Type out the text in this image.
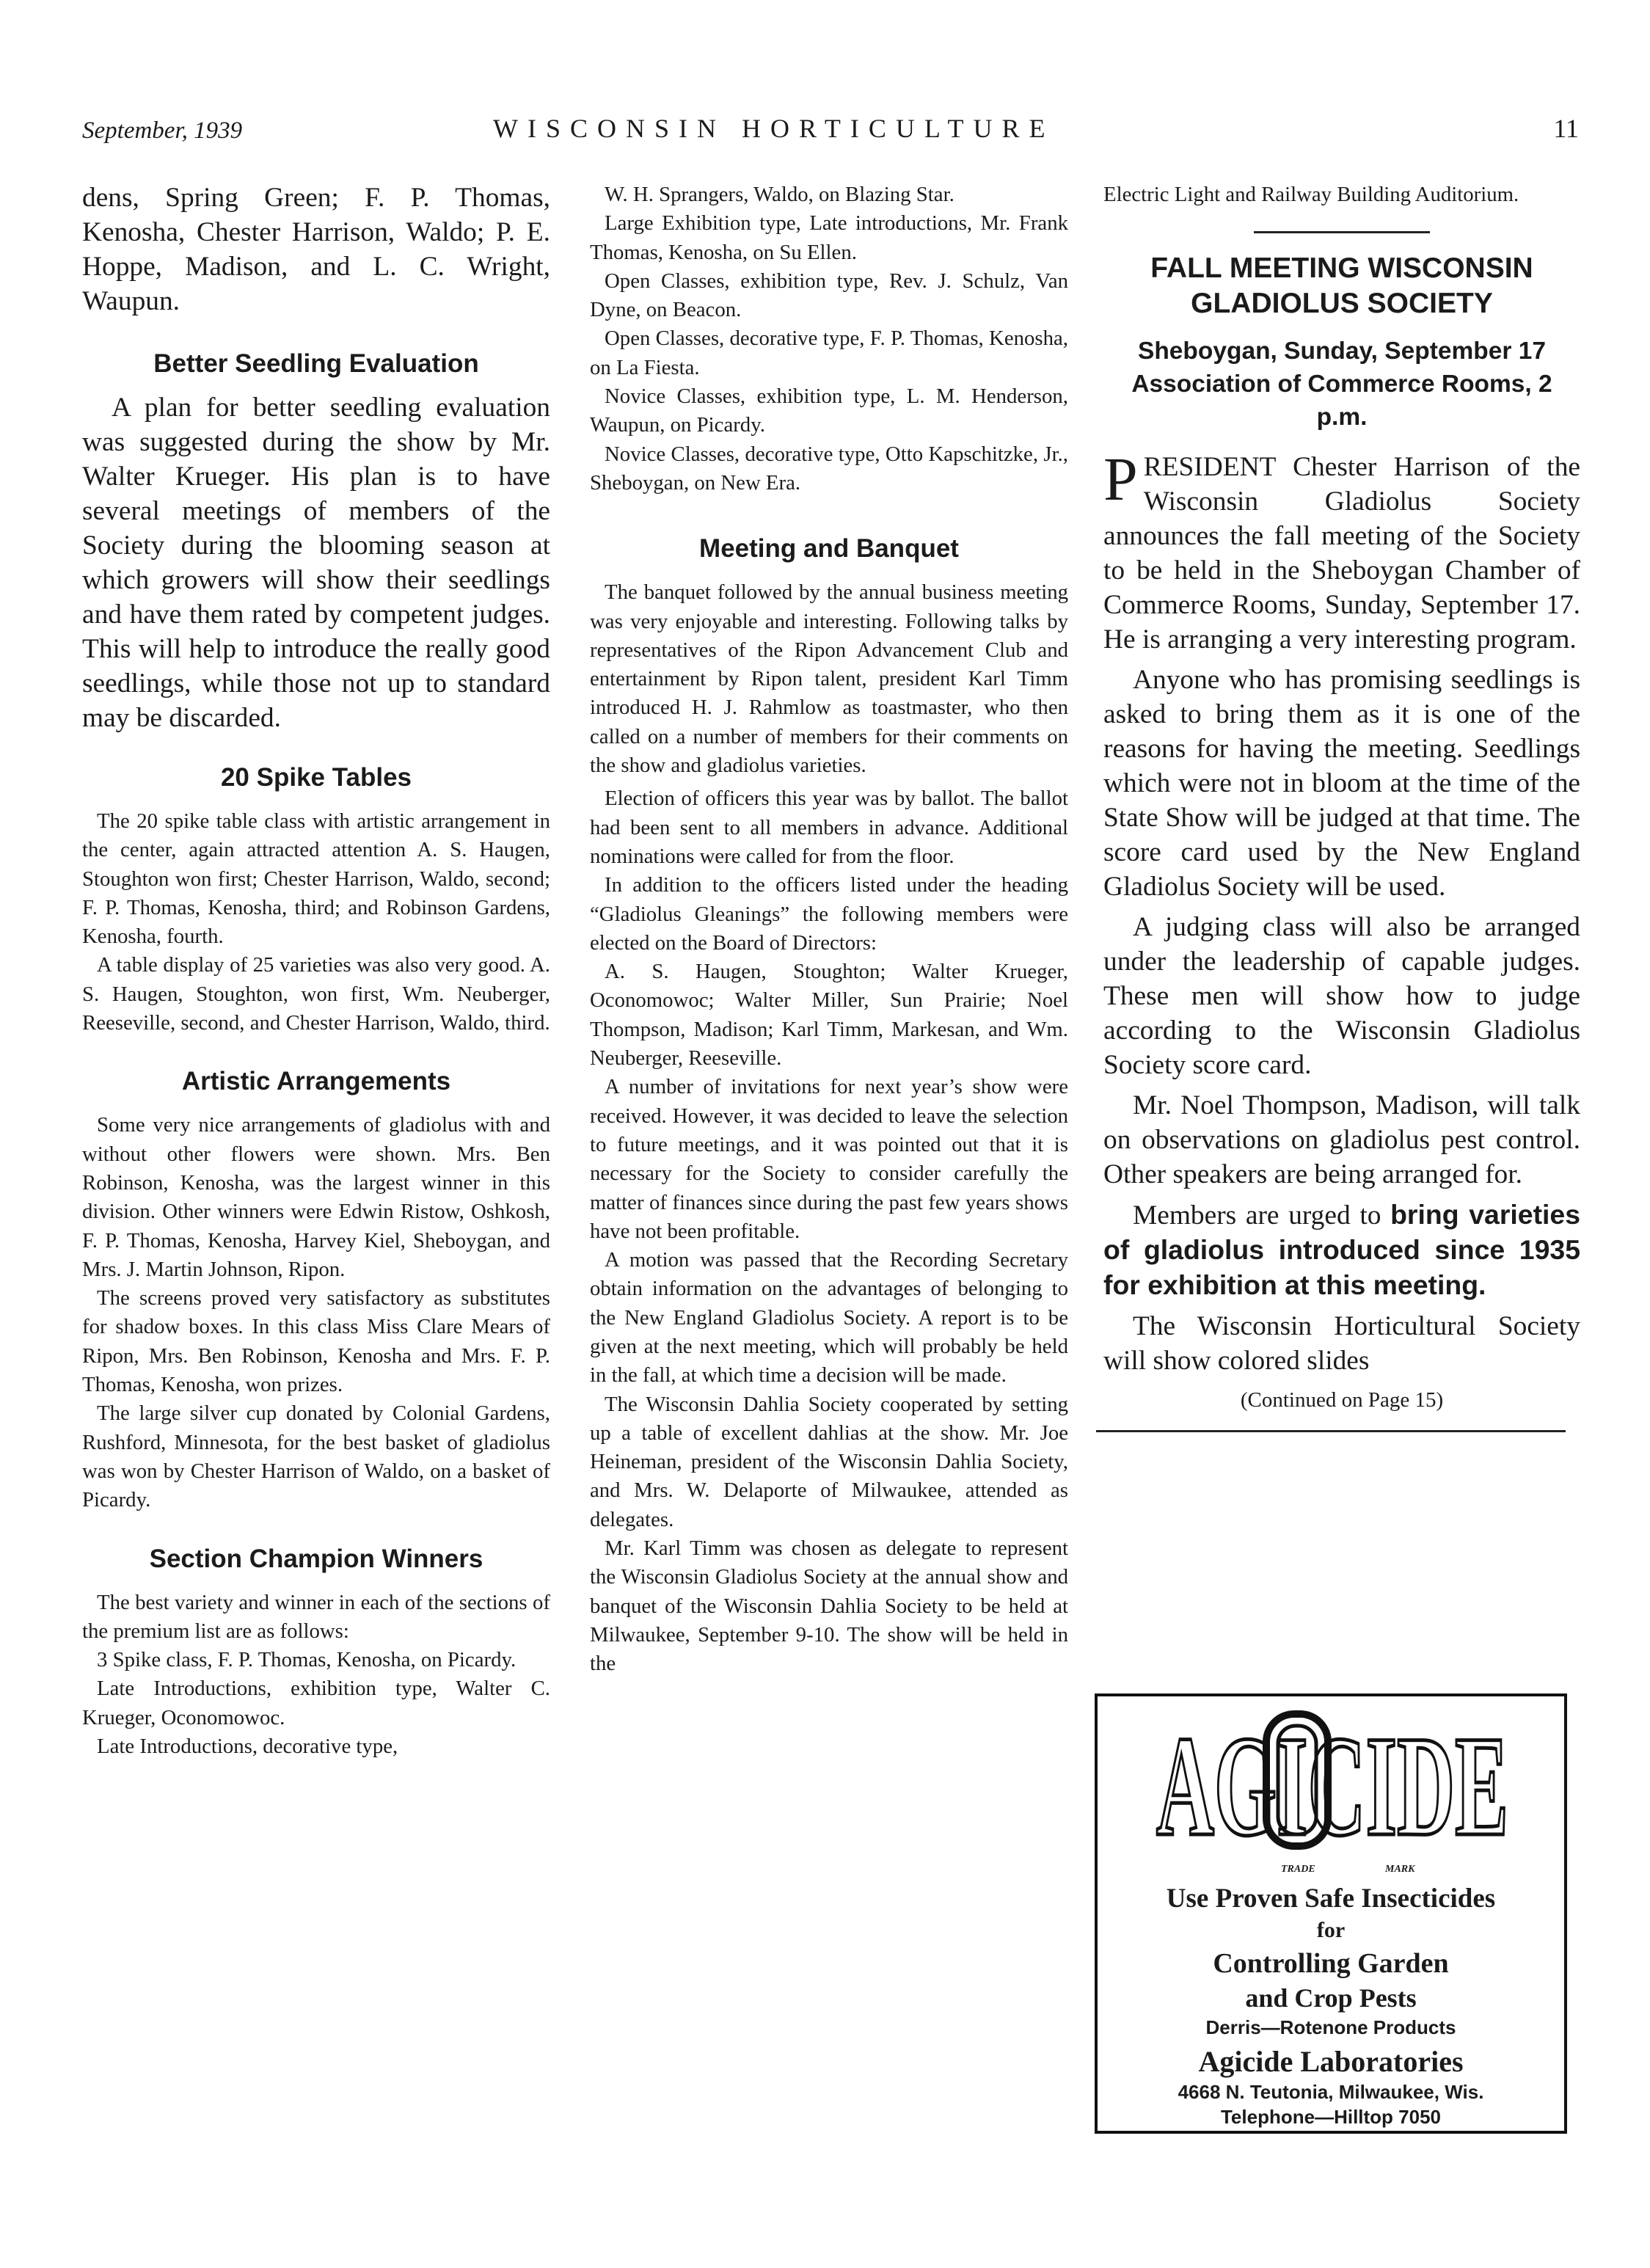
September, 1939	WISCONSIN HORTICULTURE	11

dens, Spring Green; F. P. Thomas, Kenosha, Chester Harrison, Waldo; P. E. Hoppe, Madison, and L. C. Wright, Waupun.

Better Seedling Evaluation

A plan for better seedling evaluation was suggested during the show by Mr. Walter Krueger. His plan is to have several meetings of members of the Society during the blooming season at which growers will show their seedlings and have them rated by competent judges. This will help to introduce the really good seedlings, while those not up to standard may be discarded.

20 Spike Tables

The 20 spike table class with artistic arrangement in the center, again attracted attention A. S. Haugen, Stoughton won first; Chester Harrison, Waldo, second; F. P. Thomas, Kenosha, third; and Robinson Gardens, Kenosha, fourth.

A table display of 25 varieties was also very good. A. S. Haugen, Stoughton, won first, Wm. Neuberger, Reeseville, second, and Chester Harrison, Waldo, third.

Artistic Arrangements

Some very nice arrangements of gladiolus with and without other flowers were shown. Mrs. Ben Robinson, Kenosha, was the largest winner in this division. Other winners were Edwin Ristow, Oshkosh, F. P. Thomas, Kenosha, Harvey Kiel, Sheboygan, and Mrs. J. Martin Johnson, Ripon.

The screens proved very satisfactory as substitutes for shadow boxes. In this class Miss Clare Mears of Ripon, Mrs. Ben Robinson, Kenosha and Mrs. F. P. Thomas, Kenosha, won prizes.

The large silver cup donated by Colonial Gardens, Rushford, Minnesota, for the best basket of gladiolus was won by Chester Harrison of Waldo, on a basket of Picardy.

Section Champion Winners

The best variety and winner in each of the sections of the premium list are as follows:

3 Spike class, F. P. Thomas, Kenosha, on Picardy.

Late Introductions, exhibition type, Walter C. Krueger, Oconomowoc.

Late Introductions, decorative type,

W. H. Sprangers, Waldo, on Blazing Star.

Large Exhibition type, Late introductions, Mr. Frank Thomas, Kenosha, on Su Ellen.

Open Classes, exhibition type, Rev. J. Schulz, Van Dyne, on Beacon.

Open Classes, decorative type, F. P. Thomas, Kenosha, on La Fiesta.

Novice Classes, exhibition type, L. M. Henderson, Waupun, on Picardy.

Novice Classes, decorative type, Otto Kapschitzke, Jr., Sheboygan, on New Era.

Meeting and Banquet

The banquet followed by the annual business meeting was very enjoyable and interesting. Following talks by representatives of the Ripon Advancement Club and entertainment by Ripon talent, president Karl Timm introduced H. J. Rahmlow as toastmaster, who then called on a number of members for their comments on the show and gladiolus varieties.

Election of officers this year was by ballot. The ballot had been sent to all members in advance. Additional nominations were called for from the floor.

In addition to the officers listed under the heading “Gladiolus Gleanings” the following members were elected on the Board of Directors:

A. S. Haugen, Stoughton; Walter Krueger, Oconomowoc; Walter Miller, Sun Prairie; Noel Thompson, Madison; Karl Timm, Markesan, and Wm. Neuberger, Reeseville.

A number of invitations for next year’s show were received. However, it was decided to leave the selection to future meetings, and it was pointed out that it is necessary for the Society to consider carefully the matter of finances since during the past few years shows have not been profitable.

A motion was passed that the Recording Secretary obtain information on the advantages of belonging to the New England Gladiolus Society. A report is to be given at the next meeting, which will probably be held in the fall, at which time a decision will be made.

The Wisconsin Dahlia Society cooperated by setting up a table of excellent dahlias at the show. Mr. Joe Heineman, president of the Wisconsin Dahlia Society, and Mrs. W. Delaporte of Milwaukee, attended as delegates.

Mr. Karl Timm was chosen as delegate to represent the Wisconsin Gladiolus Society at the annual show and banquet of the Wisconsin Dahlia Society to be held at Milwaukee, September 9-10. The show will be held in the

Electric Light and Railway Building Auditorium.

FALL MEETING WISCONSIN GLADIOLUS SOCIETY

Sheboygan, Sunday, September 17 Association of Commerce Rooms, 2 p.m.

PRESIDENT Chester Harrison of the Wisconsin Gladiolus Society announces the fall meeting of the Society to be held in the Sheboygan Chamber of Commerce Rooms, Sunday, September 17. He is arranging a very interesting program.

Anyone who has promising seedlings is asked to bring them as it is one of the reasons for having the meeting. Seedlings which were not in bloom at the time of the State Show will be judged at that time. The score card used by the New England Gladiolus Society will be used.

A judging class will also be arranged under the leadership of capable judges. These men will show how to judge according to the Wisconsin Gladiolus Society score card.

Mr. Noel Thompson, Madison, will talk on observations on gladiolus pest control. Other speakers are being arranged for.

Members are urged to bring varieties of gladiolus introduced since 1935 for exhibition at this meeting.

The Wisconsin Horticultural Society will show colored slides

(Continued on Page 15)

AGICIDE
TRADE	MARK
Use Proven Safe Insecticides
for
Controlling Garden
and Crop Pests
Derris—Rotenone Products
Agicide Laboratories
4668 N. Teutonia, Milwaukee, Wis.
Telephone—Hilltop 7050
